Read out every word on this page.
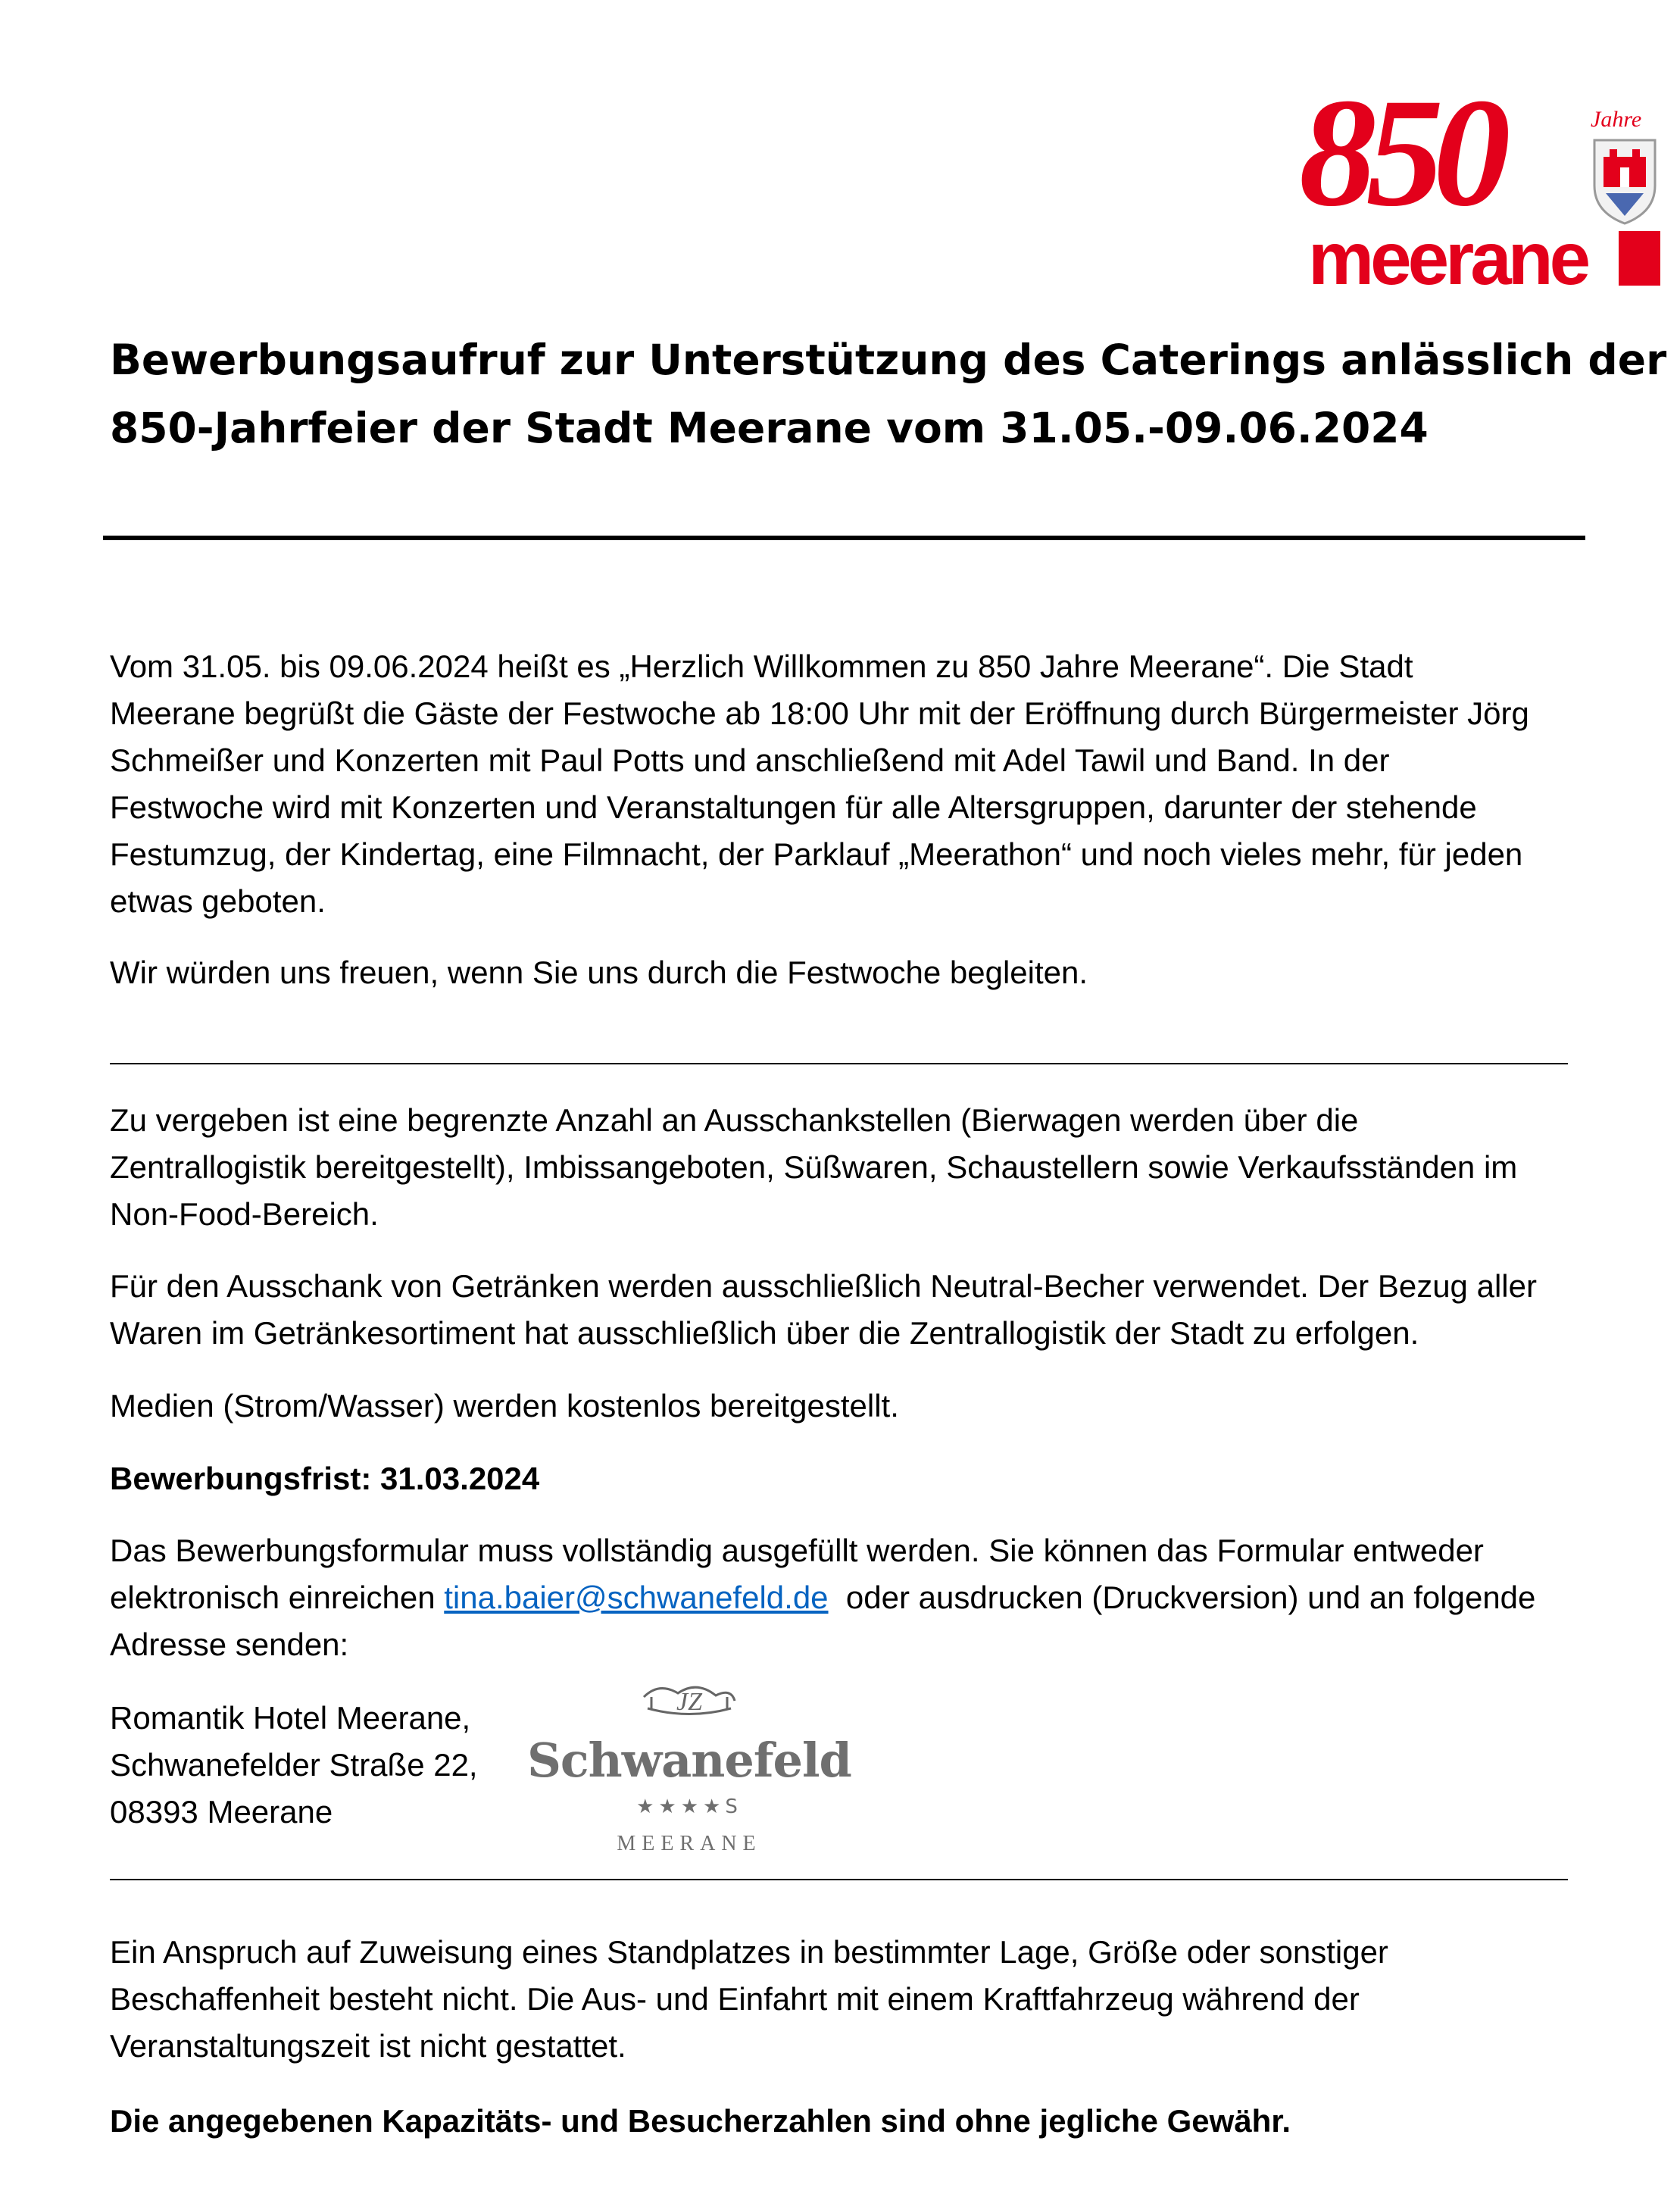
850	Jahre
meerane
Bewerbungsaufruf zur Unterstützung des Caterings anlässlich der
850-Jahrfeier der Stadt Meerane vom 31.05.-09.06.2024

Vom 31.05. bis 09.06.2024 heißt es „Herzlich Willkommen zu 850 Jahre Meerane“. Die Stadt
Meerane begrüßt die Gäste der Festwoche ab 18:00 Uhr mit der Eröffnung durch Bürgermeister Jörg
Schmeißer und Konzerten mit Paul Potts und anschließend mit Adel Tawil und Band. In der
Festwoche wird mit Konzerten und Veranstaltungen für alle Altersgruppen, darunter der stehende
Festumzug, der Kindertag, eine Filmnacht, der Parklauf „Meerathon“ und noch vieles mehr, für jeden
etwas geboten.

Wir würden uns freuen, wenn Sie uns durch die Festwoche begleiten.

Zu vergeben ist eine begrenzte Anzahl an Ausschankstellen (Bierwagen werden über die
Zentrallogistik bereitgestellt), Imbissangeboten, Süßwaren, Schaustellern sowie Verkaufsständen im
Non-Food-Bereich.

Für den Ausschank von Getränken werden ausschließlich Neutral-Becher verwendet. Der Bezug aller
Waren im Getränkesortiment hat ausschließlich über die Zentrallogistik der Stadt zu erfolgen.

Medien (Strom/Wasser) werden kostenlos bereitgestellt.

Bewerbungsfrist: 31.03.2024

Das Bewerbungsformular muss vollständig ausgefüllt werden. Sie können das Formular entweder
elektronisch einreichen tina.baier@schwanefeld.de  oder ausdrucken (Druckversion) und an folgende
Adresse senden:

Romantik Hotel Meerane,
Schwanefelder Straße 22,
08393 Meerane

JZ
Schwanefeld
★★★★S
MEERANE

Ein Anspruch auf Zuweisung eines Standplatzes in bestimmter Lage, Größe oder sonstiger
Beschaffenheit besteht nicht. Die Aus- und Einfahrt mit einem Kraftfahrzeug während der
Veranstaltungszeit ist nicht gestattet.

Die angegebenen Kapazitäts- und Besucherzahlen sind ohne jegliche Gewähr.
